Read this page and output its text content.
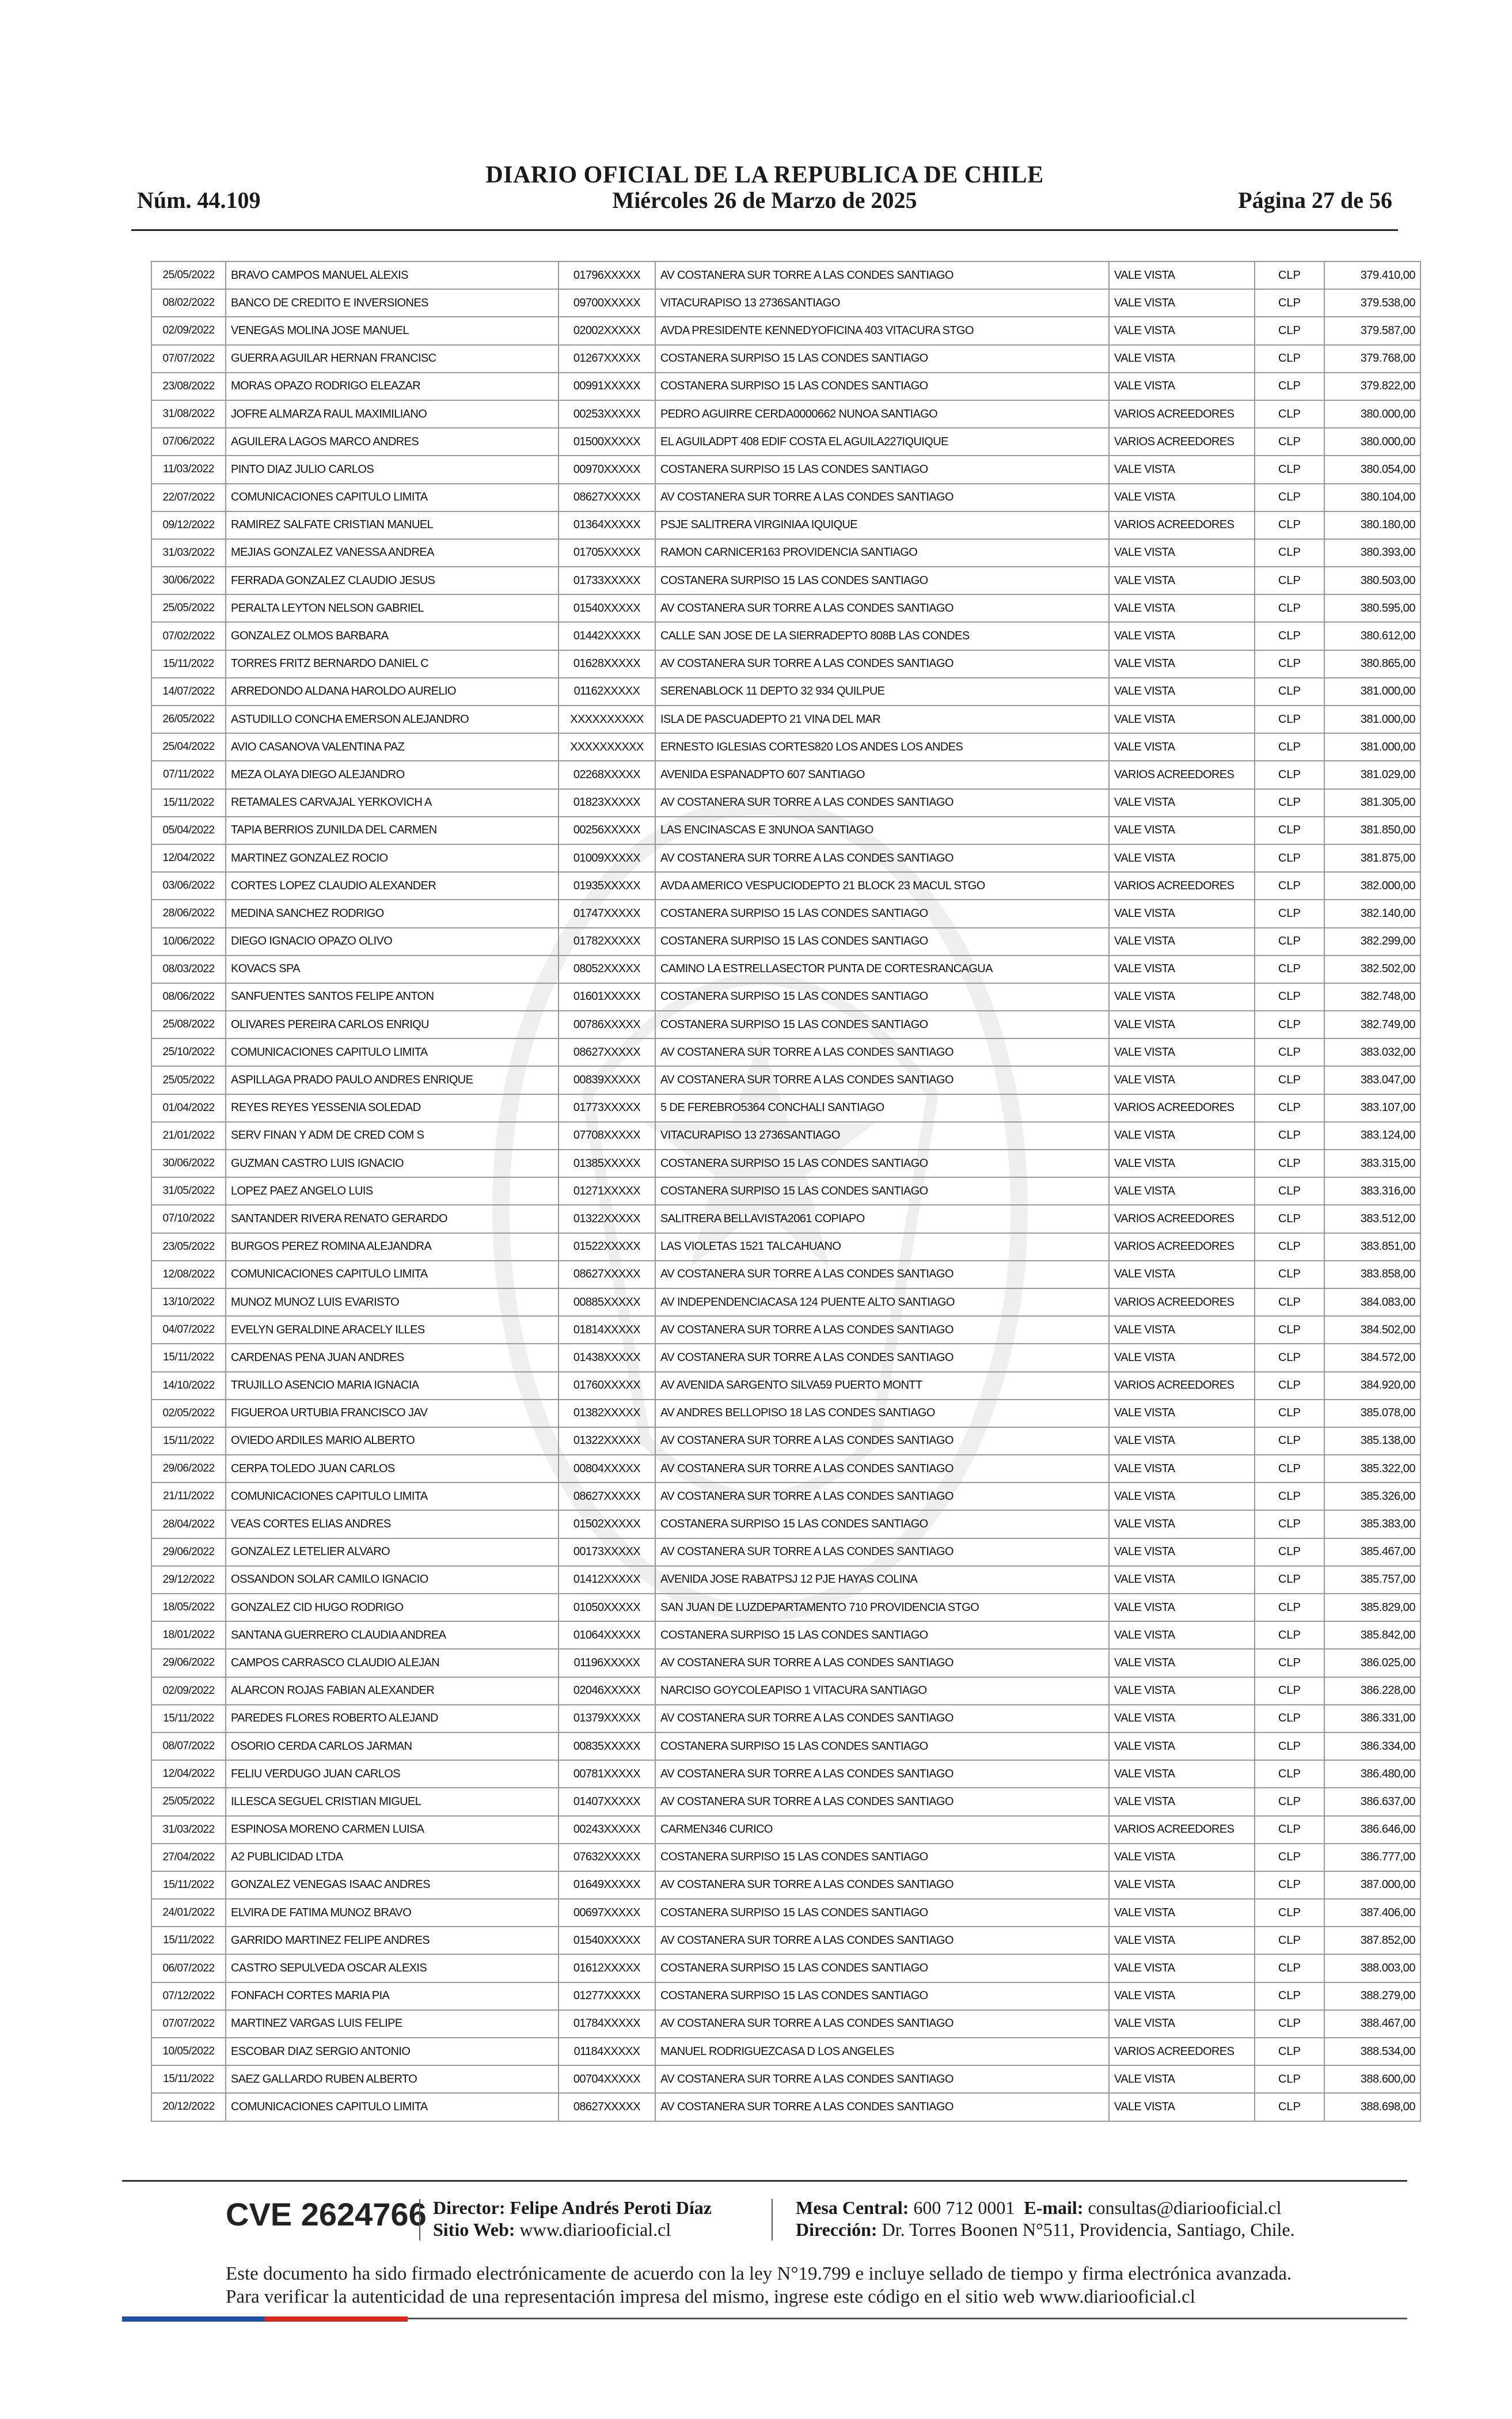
Núm. 44.109
DIARIO OFICIAL DE LA REPUBLICA DE CHILE
Miércoles 26 de Marzo de 2025	Página 27 de 56
25/05/2022	BRAVO CAMPOS MANUEL ALEXIS	01796XXXXX	AV COSTANERA SUR TORRE A LAS CONDES SANTIAGO	VALE VISTA	CLP	379.410,00
08/02/2022	BANCO DE CREDITO E INVERSIONES	09700XXXXX	VITACURAPISO 13 2736SANTIAGO	VALE VISTA	CLP	379.538,00
02/09/2022	VENEGAS MOLINA JOSE MANUEL	02002XXXXX	AVDA PRESIDENTE KENNEDYOFICINA 403 VITACURA STGO	VALE VISTA	CLP	379.587,00
07/07/2022	GUERRA AGUILAR HERNAN FRANCISC	01267XXXXX	COSTANERA SURPISO 15 LAS CONDES SANTIAGO	VALE VISTA	CLP	379.768,00
23/08/2022	MORAS OPAZO RODRIGO ELEAZAR	00991XXXXX	COSTANERA SURPISO 15 LAS CONDES SANTIAGO	VALE VISTA	CLP	379.822,00
31/08/2022	JOFRE ALMARZA RAUL MAXIMILIANO	00253XXXXX	PEDRO AGUIRRE CERDA0000662 NUNOA SANTIAGO	VARIOS ACREEDORES	CLP	380.000,00
07/06/2022	AGUILERA LAGOS MARCO ANDRES	01500XXXXX	EL AGUILADPT 408 EDIF COSTA EL AGUILA227IQUIQUE	VARIOS ACREEDORES	CLP	380.000,00
11/03/2022	PINTO DIAZ JULIO CARLOS	00970XXXXX	COSTANERA SURPISO 15 LAS CONDES SANTIAGO	VALE VISTA	CLP	380.054,00
22/07/2022	COMUNICACIONES CAPITULO LIMITA	08627XXXXX	AV COSTANERA SUR TORRE A LAS CONDES SANTIAGO	VALE VISTA	CLP	380.104,00
09/12/2022	RAMIREZ SALFATE CRISTIAN MANUEL	01364XXXXX	PSJE SALITRERA VIRGINIAA IQUIQUE	VARIOS ACREEDORES	CLP	380.180,00
31/03/2022	MEJIAS GONZALEZ VANESSA ANDREA	01705XXXXX	RAMON CARNICER163 PROVIDENCIA SANTIAGO	VALE VISTA	CLP	380.393,00
30/06/2022	FERRADA GONZALEZ CLAUDIO JESUS	01733XXXXX	COSTANERA SURPISO 15 LAS CONDES SANTIAGO	VALE VISTA	CLP	380.503,00
25/05/2022	PERALTA LEYTON NELSON GABRIEL	01540XXXXX	AV COSTANERA SUR TORRE A LAS CONDES SANTIAGO	VALE VISTA	CLP	380.595,00
07/02/2022	GONZALEZ OLMOS BARBARA	01442XXXXX	CALLE SAN JOSE DE LA SIERRADEPTO 808B LAS CONDES	VALE VISTA	CLP	380.612,00
15/11/2022	TORRES FRITZ BERNARDO DANIEL C	01628XXXXX	AV COSTANERA SUR TORRE A LAS CONDES SANTIAGO	VALE VISTA	CLP	380.865,00
14/07/2022	ARREDONDO ALDANA HAROLDO AURELIO	01162XXXXX	SERENABLOCK 11 DEPTO 32 934 QUILPUE	VALE VISTA	CLP	381.000,00
26/05/2022	ASTUDILLO CONCHA EMERSON ALEJANDRO	XXXXXXXXXX	ISLA DE PASCUADEPTO 21 VINA DEL MAR	VALE VISTA	CLP	381.000,00
25/04/2022	AVIO CASANOVA VALENTINA PAZ	XXXXXXXXXX	ERNESTO IGLESIAS CORTES820 LOS ANDES LOS ANDES	VALE VISTA	CLP	381.000,00
07/11/2022	MEZA OLAYA DIEGO ALEJANDRO	02268XXXXX	AVENIDA ESPANADPTO 607 SANTIAGO	VARIOS ACREEDORES	CLP	381.029,00
15/11/2022	RETAMALES CARVAJAL YERKOVICH A	01823XXXXX	AV COSTANERA SUR TORRE A LAS CONDES SANTIAGO	VALE VISTA	CLP	381.305,00
05/04/2022	TAPIA BERRIOS ZUNILDA DEL CARMEN	00256XXXXX	LAS ENCINASCAS E 3NUNOA SANTIAGO	VALE VISTA	CLP	381.850,00
12/04/2022	MARTINEZ GONZALEZ ROCIO	01009XXXXX	AV COSTANERA SUR TORRE A LAS CONDES SANTIAGO	VALE VISTA	CLP	381.875,00
03/06/2022	CORTES LOPEZ CLAUDIO ALEXANDER	01935XXXXX	AVDA AMERICO VESPUCIODEPTO 21 BLOCK 23 MACUL STGO	VARIOS ACREEDORES	CLP	382.000,00
28/06/2022	MEDINA SANCHEZ RODRIGO	01747XXXXX	COSTANERA SURPISO 15 LAS CONDES SANTIAGO	VALE VISTA	CLP	382.140,00
10/06/2022	DIEGO IGNACIO OPAZO OLIVO	01782XXXXX	COSTANERA SURPISO 15 LAS CONDES SANTIAGO	VALE VISTA	CLP	382.299,00
08/03/2022	KOVACS SPA	08052XXXXX	CAMINO LA ESTRELLASECTOR PUNTA DE CORTESRANCAGUA	VALE VISTA	CLP	382.502,00
08/06/2022	SANFUENTES SANTOS FELIPE ANTON	01601XXXXX	COSTANERA SURPISO 15 LAS CONDES SANTIAGO	VALE VISTA	CLP	382.748,00
25/08/2022	OLIVARES PEREIRA CARLOS ENRIQU	00786XXXXX	COSTANERA SURPISO 15 LAS CONDES SANTIAGO	VALE VISTA	CLP	382.749,00
25/10/2022	COMUNICACIONES CAPITULO LIMITA	08627XXXXX	AV COSTANERA SUR TORRE A LAS CONDES SANTIAGO	VALE VISTA	CLP	383.032,00
25/05/2022	ASPILLAGA PRADO PAULO ANDRES ENRIQUE	00839XXXXX	AV COSTANERA SUR TORRE A LAS CONDES SANTIAGO	VALE VISTA	CLP	383.047,00
01/04/2022	REYES REYES YESSENIA SOLEDAD	01773XXXXX	5 DE FEREBRO5364 CONCHALI SANTIAGO	VARIOS ACREEDORES	CLP	383.107,00
21/01/2022	SERV FINAN Y ADM DE CRED COM S	07708XXXXX	VITACURAPISO 13 2736SANTIAGO	VALE VISTA	CLP	383.124,00
30/06/2022	GUZMAN CASTRO LUIS IGNACIO	01385XXXXX	COSTANERA SURPISO 15 LAS CONDES SANTIAGO	VALE VISTA	CLP	383.315,00
31/05/2022	LOPEZ PAEZ ANGELO LUIS	01271XXXXX	COSTANERA SURPISO 15 LAS CONDES SANTIAGO	VALE VISTA	CLP	383.316,00
07/10/2022	SANTANDER RIVERA RENATO GERARDO	01322XXXXX	SALITRERA BELLAVISTA2061 COPIAPO	VARIOS ACREEDORES	CLP	383.512,00
23/05/2022	BURGOS PEREZ ROMINA ALEJANDRA	01522XXXXX	LAS VIOLETAS 1521 TALCAHUANO	VARIOS ACREEDORES	CLP	383.851,00
12/08/2022	COMUNICACIONES CAPITULO LIMITA	08627XXXXX	AV COSTANERA SUR TORRE A LAS CONDES SANTIAGO	VALE VISTA	CLP	383.858,00
13/10/2022	MUNOZ MUNOZ LUIS EVARISTO	00885XXXXX	AV INDEPENDENCIACASA 124 PUENTE ALTO SANTIAGO	VARIOS ACREEDORES	CLP	384.083,00
04/07/2022	EVELYN GERALDINE ARACELY ILLES	01814XXXXX	AV COSTANERA SUR TORRE A LAS CONDES SANTIAGO	VALE VISTA	CLP	384.502,00
15/11/2022	CARDENAS PENA JUAN ANDRES	01438XXXXX	AV COSTANERA SUR TORRE A LAS CONDES SANTIAGO	VALE VISTA	CLP	384.572,00
14/10/2022	TRUJILLO ASENCIO MARIA IGNACIA	01760XXXXX	AV AVENIDA SARGENTO SILVA59 PUERTO MONTT	VARIOS ACREEDORES	CLP	384.920,00
02/05/2022	FIGUEROA URTUBIA FRANCISCO JAV	01382XXXXX	AV ANDRES BELLOPISO 18 LAS CONDES SANTIAGO	VALE VISTA	CLP	385.078,00
15/11/2022	OVIEDO ARDILES MARIO ALBERTO	01322XXXXX	AV COSTANERA SUR TORRE A LAS CONDES SANTIAGO	VALE VISTA	CLP	385.138,00
29/06/2022	CERPA TOLEDO JUAN CARLOS	00804XXXXX	AV COSTANERA SUR TORRE A LAS CONDES SANTIAGO	VALE VISTA	CLP	385.322,00
21/11/2022	COMUNICACIONES CAPITULO LIMITA	08627XXXXX	AV COSTANERA SUR TORRE A LAS CONDES SANTIAGO	VALE VISTA	CLP	385.326,00
28/04/2022	VEAS CORTES ELIAS ANDRES	01502XXXXX	COSTANERA SURPISO 15 LAS CONDES SANTIAGO	VALE VISTA	CLP	385.383,00
29/06/2022	GONZALEZ LETELIER ALVARO	00173XXXXX	AV COSTANERA SUR TORRE A LAS CONDES SANTIAGO	VALE VISTA	CLP	385.467,00
29/12/2022	OSSANDON SOLAR CAMILO IGNACIO	01412XXXXX	AVENIDA JOSE RABATPSJ 12 PJE HAYAS COLINA	VALE VISTA	CLP	385.757,00
18/05/2022	GONZALEZ CID HUGO RODRIGO	01050XXXXX	SAN JUAN DE LUZDEPARTAMENTO 710 PROVIDENCIA STGO	VALE VISTA	CLP	385.829,00
18/01/2022	SANTANA GUERRERO CLAUDIA ANDREA	01064XXXXX	COSTANERA SURPISO 15 LAS CONDES SANTIAGO	VALE VISTA	CLP	385.842,00
29/06/2022	CAMPOS CARRASCO CLAUDIO ALEJAN	01196XXXXX	AV COSTANERA SUR TORRE A LAS CONDES SANTIAGO	VALE VISTA	CLP	386.025,00
02/09/2022	ALARCON ROJAS FABIAN ALEXANDER	02046XXXXX	NARCISO GOYCOLEAPISO 1 VITACURA SANTIAGO	VALE VISTA	CLP	386.228,00
15/11/2022	PAREDES FLORES ROBERTO ALEJAND	01379XXXXX	AV COSTANERA SUR TORRE A LAS CONDES SANTIAGO	VALE VISTA	CLP	386.331,00
08/07/2022	OSORIO CERDA CARLOS JARMAN	00835XXXXX	COSTANERA SURPISO 15 LAS CONDES SANTIAGO	VALE VISTA	CLP	386.334,00
12/04/2022	FELIU VERDUGO JUAN CARLOS	00781XXXXX	AV COSTANERA SUR TORRE A LAS CONDES SANTIAGO	VALE VISTA	CLP	386.480,00
25/05/2022	ILLESCA SEGUEL CRISTIAN MIGUEL	01407XXXXX	AV COSTANERA SUR TORRE A LAS CONDES SANTIAGO	VALE VISTA	CLP	386.637,00
31/03/2022	ESPINOSA MORENO CARMEN LUISA	00243XXXXX	CARMEN346 CURICO	VARIOS ACREEDORES	CLP	386.646,00
27/04/2022	A2 PUBLICIDAD LTDA	07632XXXXX	COSTANERA SURPISO 15 LAS CONDES SANTIAGO	VALE VISTA	CLP	386.777,00
15/11/2022	GONZALEZ VENEGAS ISAAC ANDRES	01649XXXXX	AV COSTANERA SUR TORRE A LAS CONDES SANTIAGO	VALE VISTA	CLP	387.000,00
24/01/2022	ELVIRA DE FATIMA MUNOZ BRAVO	00697XXXXX	COSTANERA SURPISO 15 LAS CONDES SANTIAGO	VALE VISTA	CLP	387.406,00
15/11/2022	GARRIDO MARTINEZ FELIPE ANDRES	01540XXXXX	AV COSTANERA SUR TORRE A LAS CONDES SANTIAGO	VALE VISTA	CLP	387.852,00
06/07/2022	CASTRO SEPULVEDA OSCAR ALEXIS	01612XXXXX	COSTANERA SURPISO 15 LAS CONDES SANTIAGO	VALE VISTA	CLP	388.003,00
07/12/2022	FONFACH CORTES MARIA PIA	01277XXXXX	COSTANERA SURPISO 15 LAS CONDES SANTIAGO	VALE VISTA	CLP	388.279,00
07/07/2022	MARTINEZ VARGAS LUIS FELIPE	01784XXXXX	AV COSTANERA SUR TORRE A LAS CONDES SANTIAGO	VALE VISTA	CLP	388.467,00
10/05/2022	ESCOBAR DIAZ SERGIO ANTONIO	01184XXXXX	MANUEL RODRIGUEZCASA D LOS ANGELES	VARIOS ACREEDORES	CLP	388.534,00
15/11/2022	SAEZ GALLARDO RUBEN ALBERTO	00704XXXXX	AV COSTANERA SUR TORRE A LAS CONDES SANTIAGO	VALE VISTA	CLP	388.600,00
20/12/2022	COMUNICACIONES CAPITULO LIMITA	08627XXXXX	AV COSTANERA SUR TORRE A LAS CONDES SANTIAGO	VALE VISTA	CLP	388.698,00
CVE 2624766 Director: Felipe Andrés Peroti Díaz
Sitio Web: www.diariooficial.cl
Mesa Central: 600 712 0001 E-mail: consultas@diariooficial.cl
Dirección: Dr. Torres Boonen N°511, Providencia, Santiago, Chile.
Este documento ha sido firmado electrónicamente de acuerdo con la ley N°19.799 e incluye sellado de tiempo y firma electrónica avanzada. Para verificar la autenticidad de una representación impresa del mismo, ingrese este código en el sitio web www.diariooficial.cl
